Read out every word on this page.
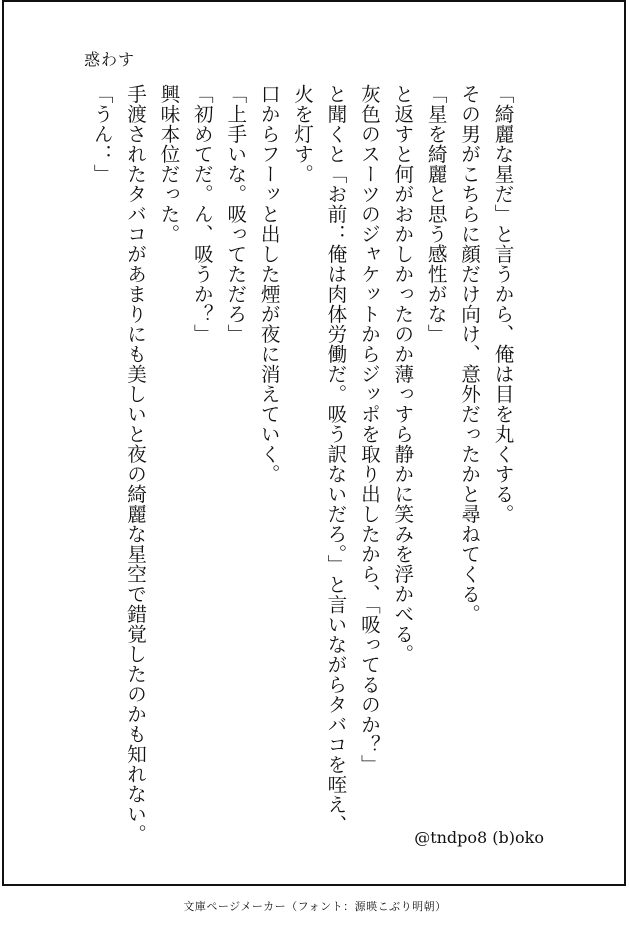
惑わす
「綺麗な星だ」と言うから、俺は目を丸くする。
その男がこちらに顔だけ向け、意外だったかと尋ねてくる。
「星を綺麗と思う感性がな」
と返すと何がおかしかったのか薄っすら静かに笑みを浮かべる。
灰色のスーツのジャケットからジッポを取り出したから、「吸ってるのか？」
と聞くと「お前：俺は肉体労働だ。吸う訳ないだろ。」と言いながらタバコを咥え、火を灯す。
口からフーッと出した煙が夜に消えていく。
「上手いな。吸ってただろ」
「初めてだ。ん、吸うか？」
興味本位だった。
手渡されたタバコがあまりにも美しいと夜の綺麗な星空で錯覚したのかも知れない。
「うん：」
@tndpo8 (b)oko
文庫ページメーカー（フォント：源暎こぶり明朝）
